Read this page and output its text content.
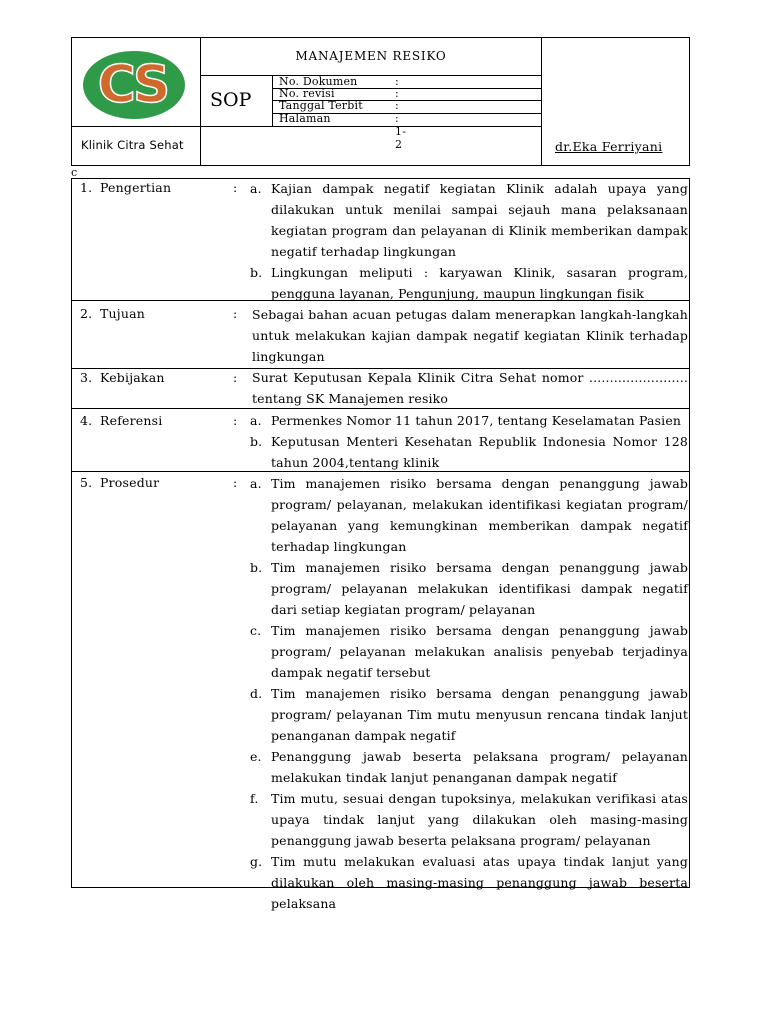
CS
Klinik Citra Sehat
MANAJEMEN RESIKO
SOP
No. Dokumen	:
No. revisi	:
Tanggal Terbit	:
Halaman	: 1-2	dr.Eka Ferriyani
c
1. Pengertian	: a. Kajian dampak negatif kegiatan Klinik adalah upaya yang dilakukan untuk menilai sampai sejauh mana pelaksanaan kegiatan program dan pelayanan di Klinik memberikan dampak negatif terhadap lingkungan
b. Lingkungan meliputi : karyawan Klinik, sasaran program, pengguna layanan, Pengunjung, maupun lingkungan fisik
2. Tujuan	: Sebagai bahan acuan petugas dalam menerapkan langkah-langkah untuk melakukan kajian dampak negatif kegiatan Klinik terhadap lingkungan
3. Kebijakan	: Surat Keputusan Kepala Klinik Citra Sehat nomor ........................ tentang SK Manajemen resiko
4. Referensi	: a. Permenkes Nomor 11 tahun 2017, tentang Keselamatan Pasien
b. Keputusan Menteri Kesehatan Republik Indonesia Nomor 128 tahun 2004,tentang klinik
5. Prosedur	: a. Tim manajemen risiko bersama dengan penanggung jawab program/ pelayanan, melakukan identifikasi kegiatan program/ pelayanan yang kemungkinan memberikan dampak negatif terhadap lingkungan
b. Tim manajemen risiko bersama dengan penanggung jawab program/ pelayanan melakukan identifikasi dampak negatif dari setiap kegiatan program/ pelayanan
c. Tim manajemen risiko bersama dengan penanggung jawab program/ pelayanan melakukan analisis penyebab terjadinya dampak negatif tersebut
d. Tim manajemen risiko bersama dengan penanggung jawab program/ pelayanan Tim mutu menyusun rencana tindak lanjut penanganan dampak negatif
e. Penanggung jawab beserta pelaksana program/ pelayanan melakukan tindak lanjut penanganan dampak negatif
f. Tim mutu, sesuai dengan tupoksinya, melakukan verifikasi atas upaya tindak lanjut yang dilakukan oleh masing-masing penanggung jawab beserta pelaksana program/ pelayanan
g. Tim mutu melakukan evaluasi atas upaya tindak lanjut yang dilakukan oleh masing-masing penanggung jawab beserta pelaksana
